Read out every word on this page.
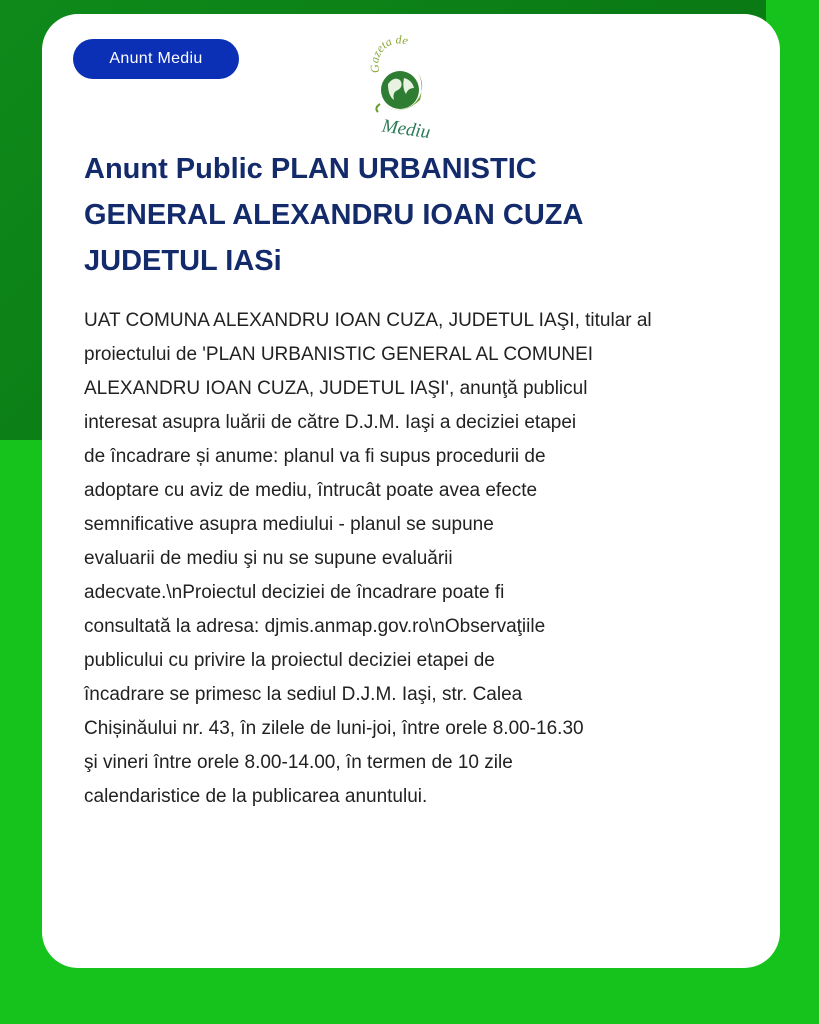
Anunt Mediu
Gazeta de
Mediu
Anunt Public PLAN URBANISTIC
GENERAL ALEXANDRU IOAN CUZA
JUDETUL IASi
UAT COMUNA ALEXANDRU IOAN CUZA, JUDETUL IAŞI, titular al
proiectului de 'PLAN URBANISTIC GENERAL AL COMUNEI
ALEXANDRU IOAN CUZA, JUDETUL IAŞI', anunţă publicul
interesat asupra luării de către D.J.M. Iaşi a deciziei etapei
de încadrare și anume: planul va fi supus procedurii de
adoptare cu aviz de mediu, întrucât poate avea efecte
semnificative asupra mediului - planul se supune
evaluarii de mediu şi nu se supune evaluării
adecvate.\nProiectul deciziei de încadrare poate fi
consultată la adresa: djmis.anmap.gov.ro\nObservaţiile
publicului cu privire la proiectul deciziei etapei de
încadrare se primesc la sediul D.J.M. Iaşi, str. Calea
Chișinăului nr. 43, în zilele de luni-joi, între orele 8.00-16.30
şi vineri între orele 8.00-14.00, în termen de 10 zile
calendaristice de la publicarea anuntului.
